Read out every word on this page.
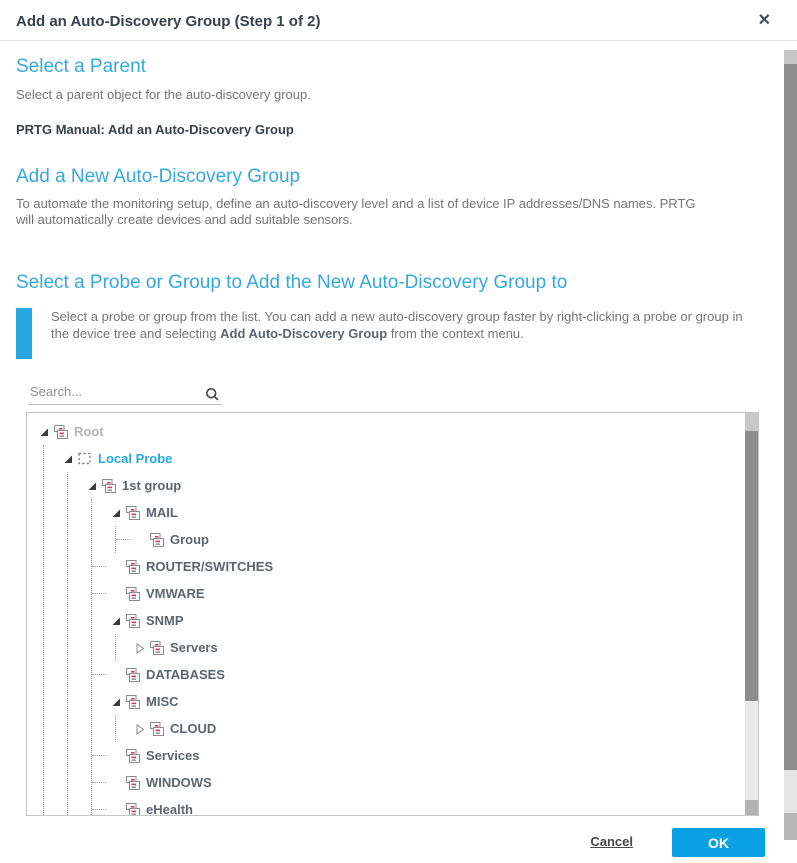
Add an Auto-Discovery Group (Step 1 of 2)	✕
Select a Parent

Select a parent object for the auto-discovery group.

PRTG Manual: Add an Auto-Discovery Group
Add a New Auto-Discovery Group

To automate the monitoring setup, define an auto-discovery level and a list of device IP addresses/DNS names. PRTG will automatically create devices and add suitable sensors.

Select a Probe or Group to Add the New Auto-Discovery Group to

Select a probe or group from the list. You can add a new auto-discovery group faster by right-clicking a probe or group in the device tree and selecting Add Auto-Discovery Group from the context menu.

Search...
Root
Local Probe
1st group
MAIL
Group
ROUTER/SWITCHES
VMWARE
SNMP
Servers
DATABASES
MISC
CLOUD
Services
WINDOWS
eHealth
Cancel	OK
